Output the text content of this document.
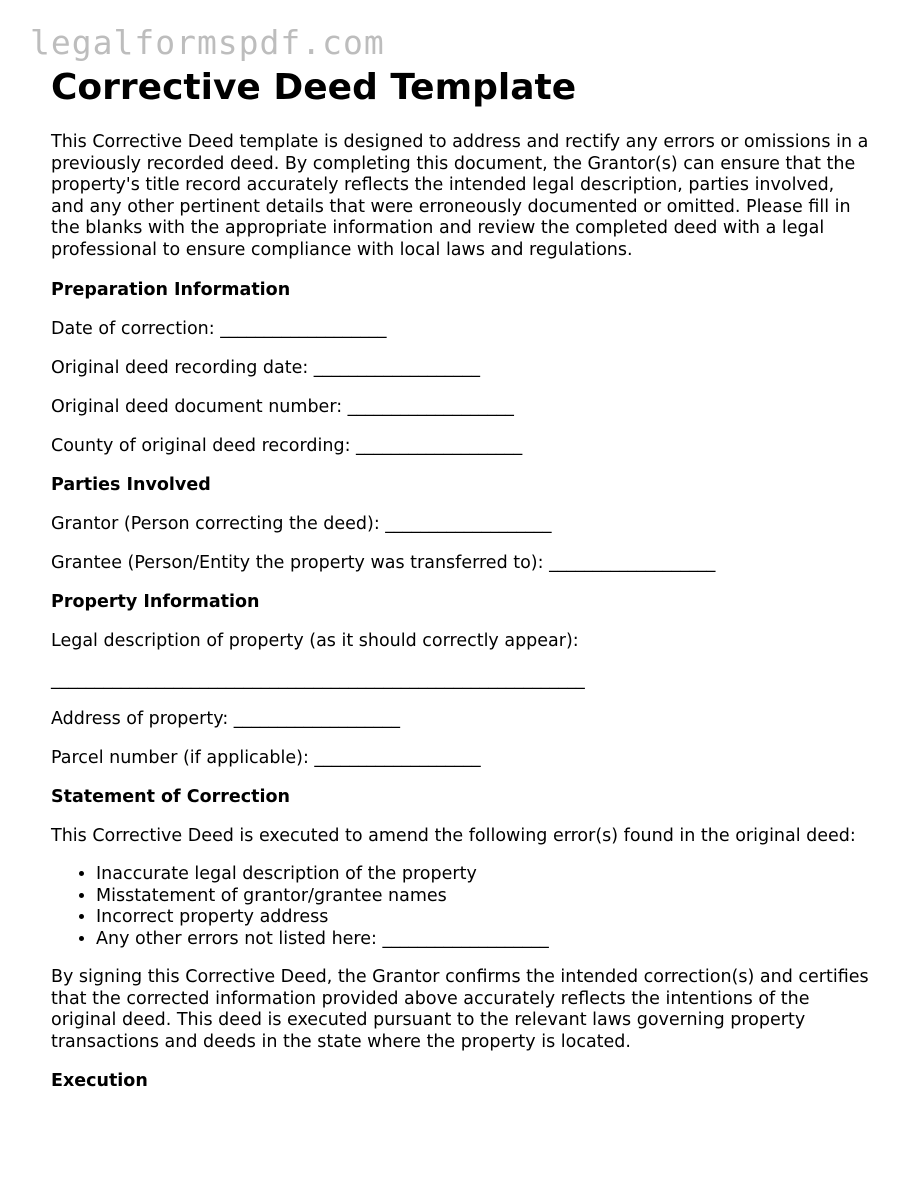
legalformspdf.com
Corrective Deed Template

This Corrective Deed template is designed to address and rectify any errors or omissions in a previously recorded deed. By completing this document, the Grantor(s) can ensure that the property's title record accurately reflects the intended legal description, parties involved, and any other pertinent details that were erroneously documented or omitted. Please fill in the blanks with the appropriate information and review the completed deed with a legal professional to ensure compliance with local laws and regulations.

Preparation Information

Date of correction: ___________________

Original deed recording date: ___________________

Original deed document number: ___________________

County of original deed recording: ___________________

Parties Involved

Grantor (Person correcting the deed): ___________________

Grantee (Person/Entity the property was transferred to): ___________________

Property Information

Legal description of property (as it should correctly appear):

_____________________________________________________________

Address of property: ___________________

Parcel number (if applicable): ___________________

Statement of Correction

This Corrective Deed is executed to amend the following error(s) found in the original deed:

• Inaccurate legal description of the property
• Misstatement of grantor/grantee names
• Incorrect property address
• Any other errors not listed here: ___________________

By signing this Corrective Deed, the Grantor confirms the intended correction(s) and certifies that the corrected information provided above accurately reflects the intentions of the original deed. This deed is executed pursuant to the relevant laws governing property transactions and deeds in the state where the property is located.

Execution
